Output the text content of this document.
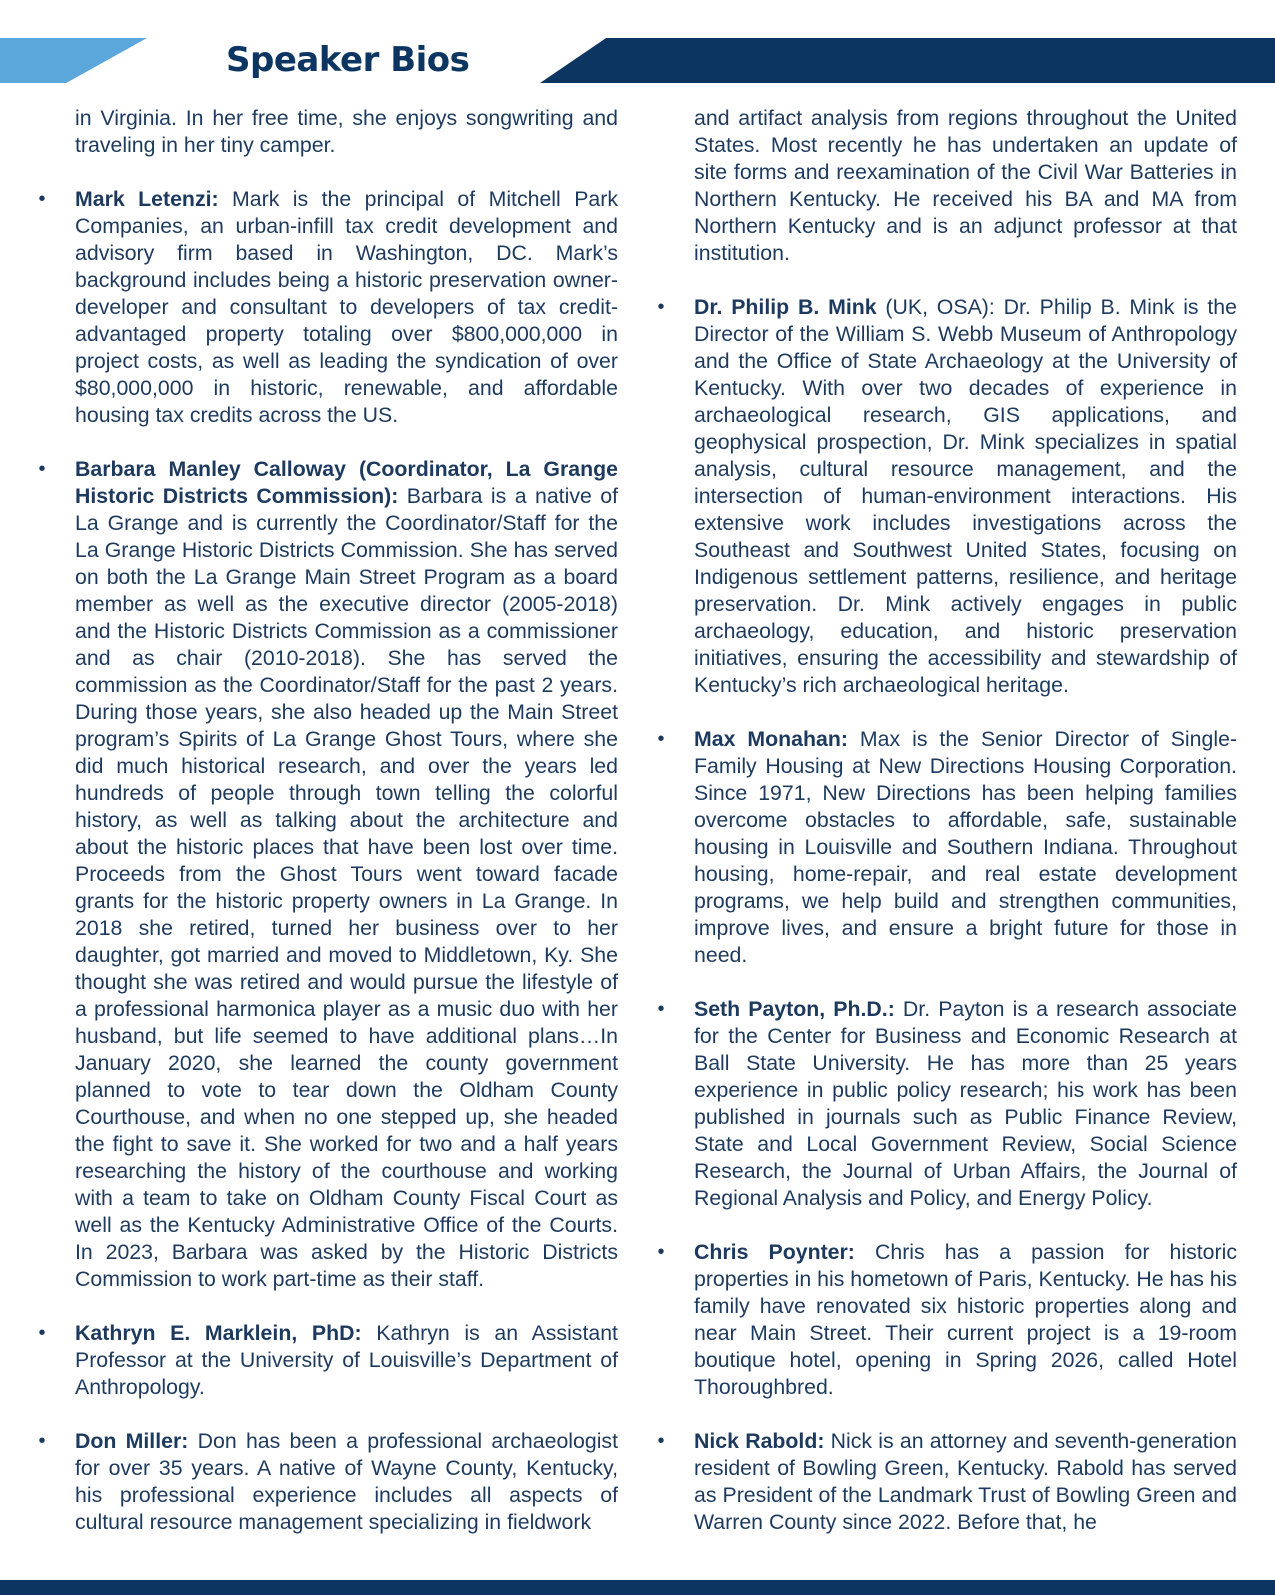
Speaker Bios

in Virginia. In her free time, she enjoys songwriting and traveling in her tiny camper.

• Mark Letenzi: Mark is the principal of Mitchell Park Companies, an urban-infill tax credit development and advisory firm based in Washington, DC. Mark’s background includes being a historic preservation owner-developer and consultant to developers of tax credit-advantaged property totaling over $800,000,000 in project costs, as well as leading the syndication of over $80,000,000 in historic, renewable, and affordable housing tax credits across the US.

• Barbara Manley Calloway (Coordinator, La Grange Historic Districts Commission): Barbara is a native of La Grange and is currently the Coordinator/Staff for the La Grange Historic Districts Commission. She has served on both the La Grange Main Street Program as a board member as well as the executive director (2005-2018) and the Historic Districts Commission as a commissioner and as chair (2010-2018). She has served the commission as the Coordinator/Staff for the past 2 years. During those years, she also headed up the Main Street program’s Spirits of La Grange Ghost Tours, where she did much historical research, and over the years led hundreds of people through town telling the colorful history, as well as talking about the architecture and about the historic places that have been lost over time. Proceeds from the Ghost Tours went toward facade grants for the historic property owners in La Grange. In 2018 she retired, turned her business over to her daughter, got married and moved to Middletown, Ky. She thought she was retired and would pursue the lifestyle of a professional harmonica player as a music duo with her husband, but life seemed to have additional plans…In January 2020, she learned the county government planned to vote to tear down the Oldham County Courthouse, and when no one stepped up, she headed the fight to save it. She worked for two and a half years researching the history of the courthouse and working with a team to take on Oldham County Fiscal Court as well as the Kentucky Administrative Office of the Courts. In 2023, Barbara was asked by the Historic Districts Commission to work part-time as their staff.

• Kathryn E. Marklein, PhD: Kathryn is an Assistant Professor at the University of Louisville’s Department of Anthropology.

• Don Miller: Don has been a professional archaeologist for over 35 years. A native of Wayne County, Kentucky, his professional experience includes all aspects of cultural resource management specializing in fieldwork

and artifact analysis from regions throughout the United States. Most recently he has undertaken an update of site forms and reexamination of the Civil War Batteries in Northern Kentucky. He received his BA and MA from Northern Kentucky and is an adjunct professor at that institution.

• Dr. Philip B. Mink (UK, OSA): Dr. Philip B. Mink is the Director of the William S. Webb Museum of Anthropology and the Office of State Archaeology at the University of Kentucky. With over two decades of experience in archaeological research, GIS applications, and geophysical prospection, Dr. Mink specializes in spatial analysis, cultural resource management, and the intersection of human-environment interactions. His extensive work includes investigations across the Southeast and Southwest United States, focusing on Indigenous settlement patterns, resilience, and heritage preservation. Dr. Mink actively engages in public archaeology, education, and historic preservation initiatives, ensuring the accessibility and stewardship of Kentucky’s rich archaeological heritage.

• Max Monahan: Max is the Senior Director of Single-Family Housing at New Directions Housing Corporation. Since 1971, New Directions has been helping families overcome obstacles to affordable, safe, sustainable housing in Louisville and Southern Indiana. Throughout housing, home-repair, and real estate development programs, we help build and strengthen communities, improve lives, and ensure a bright future for those in need.

• Seth Payton, Ph.D.: Dr. Payton is a research associate for the Center for Business and Economic Research at Ball State University. He has more than 25 years experience in public policy research; his work has been published in journals such as Public Finance Review, State and Local Government Review, Social Science Research, the Journal of Urban Affairs, the Journal of Regional Analysis and Policy, and Energy Policy.

• Chris Poynter: Chris has a passion for historic properties in his hometown of Paris, Kentucky. He has his family have renovated six historic properties along and near Main Street. Their current project is a 19-room boutique hotel, opening in Spring 2026, called Hotel Thoroughbred.

• Nick Rabold: Nick is an attorney and seventh-generation resident of Bowling Green, Kentucky. Rabold has served as President of the Landmark Trust of Bowling Green and Warren County since 2022. Before that, he
